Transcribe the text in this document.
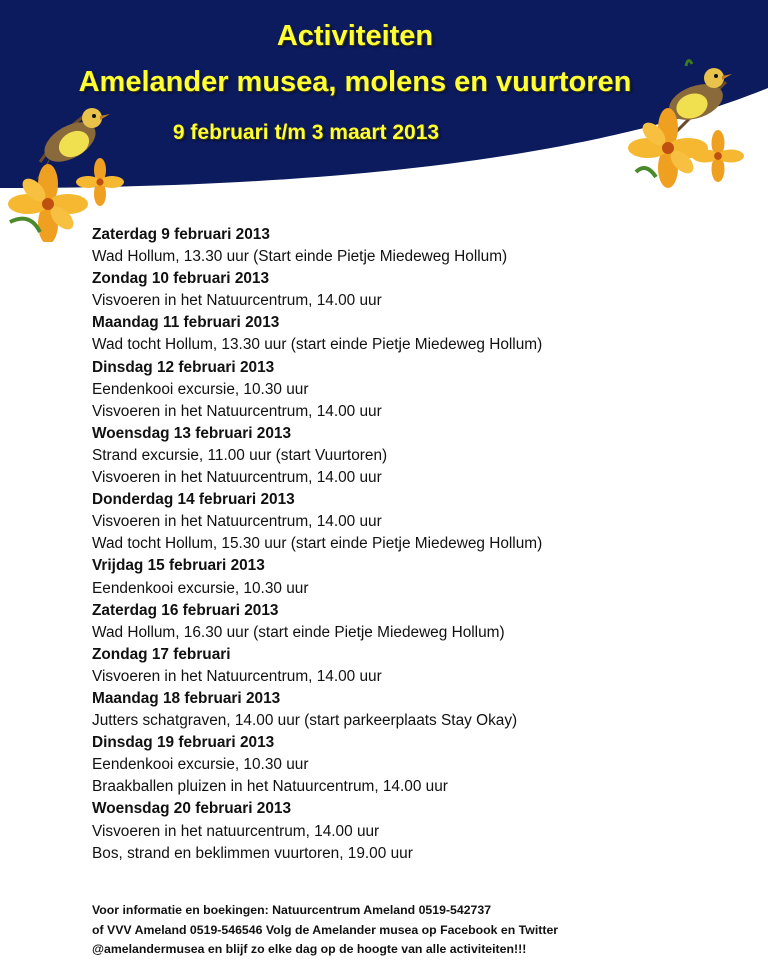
Activiteiten
Amelander musea, molens en vuurtoren
9 februari t/m 3 maart 2013
Zaterdag 9 februari 2013
Wad Hollum, 13.30 uur (Start einde Pietje Miedeweg Hollum)
Zondag 10 februari 2013
Visvoeren in het Natuurcentrum, 14.00 uur
Maandag 11 februari 2013
Wad tocht Hollum, 13.30 uur (start einde Pietje Miedeweg Hollum)
Dinsdag 12 februari 2013
Eendenkooi excursie, 10.30 uur
Visvoeren in het Natuurcentrum, 14.00 uur
Woensdag 13 februari 2013
Strand excursie, 11.00 uur (start Vuurtoren)
Visvoeren in het Natuurcentrum, 14.00 uur
Donderdag 14 februari 2013
Visvoeren in het Natuurcentrum, 14.00 uur
Wad tocht Hollum, 15.30 uur (start einde Pietje Miedeweg Hollum)
Vrijdag 15 februari 2013
Eendenkooi excursie, 10.30 uur
Zaterdag 16 februari 2013
Wad Hollum, 16.30 uur (start einde Pietje Miedeweg Hollum)
Zondag 17 februari
Visvoeren in het Natuurcentrum, 14.00 uur
Maandag 18 februari 2013
Jutters schatgraven, 14.00 uur (start parkeerplaats Stay Okay)
Dinsdag 19 februari 2013
Eendenkooi excursie, 10.30 uur
Braakballen pluizen in het Natuurcentrum, 14.00 uur
Woensdag 20 februari 2013
Visvoeren in het natuurcentrum, 14.00 uur
Bos, strand en beklimmen vuurtoren, 19.00 uur
Voor informatie en boekingen: Natuurcentrum Ameland 0519-542737
of VVV Ameland 0519-546546 Volg de Amelander musea op Facebook en Twitter
@amelandermusea en blijf zo elke dag op de hoogte van alle activiteiten!!!
